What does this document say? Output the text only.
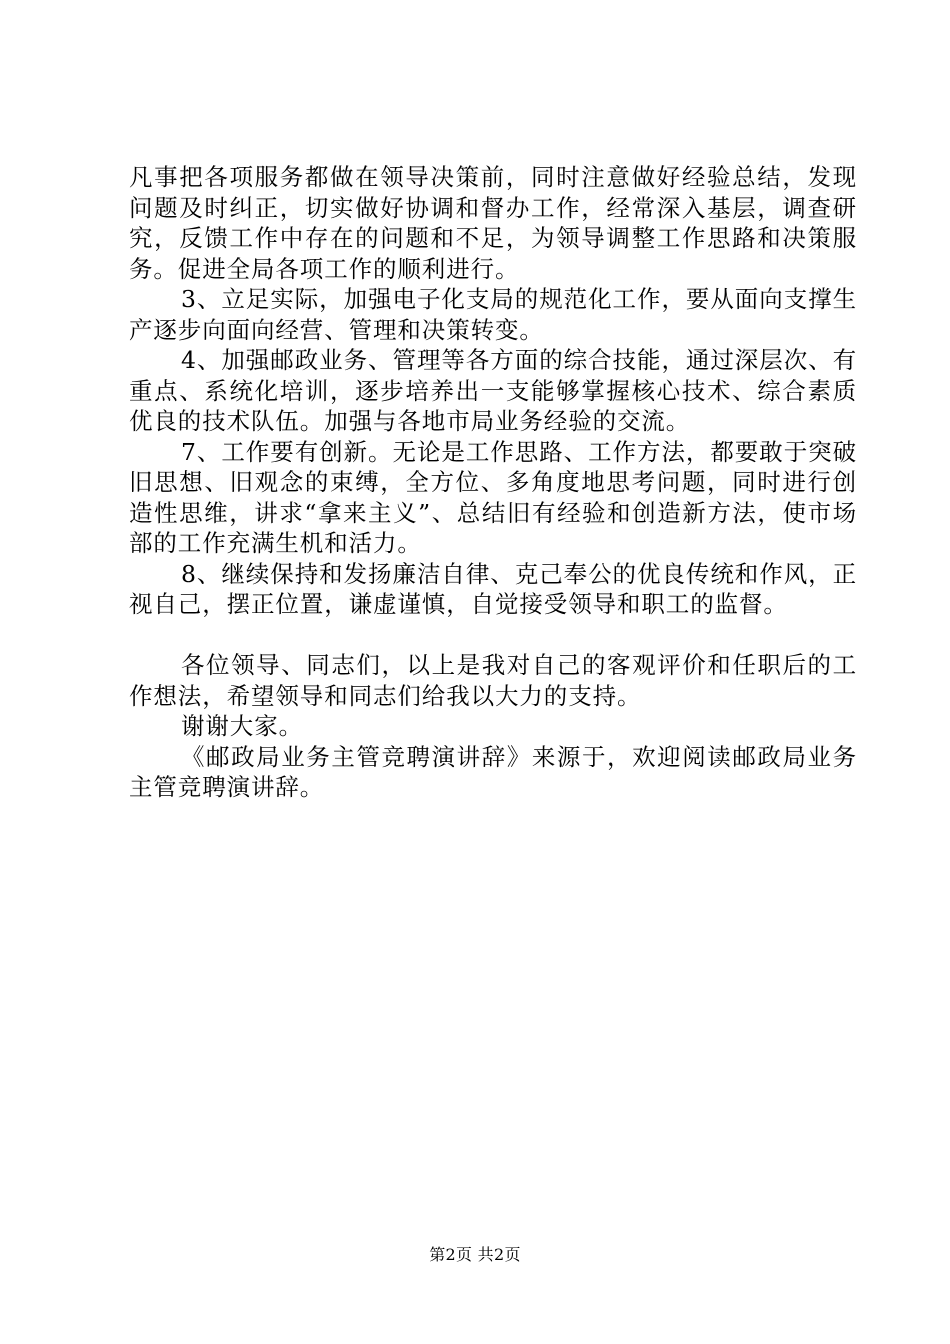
凡事把各项服务都做在领导决策前，同时注意做好经验总结，发现问题及时纠正，切实做好协调和督办工作，经常深入基层，调查研究，反馈工作中存在的问题和不足，为领导调整工作思路和决策服务。促进全局各项工作的顺利进行。

3、立足实际，加强电子化支局的规范化工作，要从面向支撑生产逐步向面向经营、管理和决策转变。

4、加强邮政业务、管理等各方面的综合技能，通过深层次、有重点、系统化培训，逐步培养出一支能够掌握核心技术、综合素质优良的技术队伍。加强与各地市局业务经验的交流。

7、工作要有创新。无论是工作思路、工作方法，都要敢于突破旧思想、旧观念的束缚，全方位、多角度地思考问题，同时进行创造性思维，讲求“拿来主义”、总结旧有经验和创造新方法，使市场部的工作充满生机和活力。

8、继续保持和发扬廉洁自律、克己奉公的优良传统和作风，正视自己，摆正位置，谦虚谨慎，自觉接受领导和职工的监督。

各位领导、同志们，以上是我对自己的客观评价和任职后的工作想法，希望领导和同志们给我以大力的支持。

谢谢大家。

《邮政局业务主管竞聘演讲辞》来源于，欢迎阅读邮政局业务主管竞聘演讲辞。

第2页 共2页
